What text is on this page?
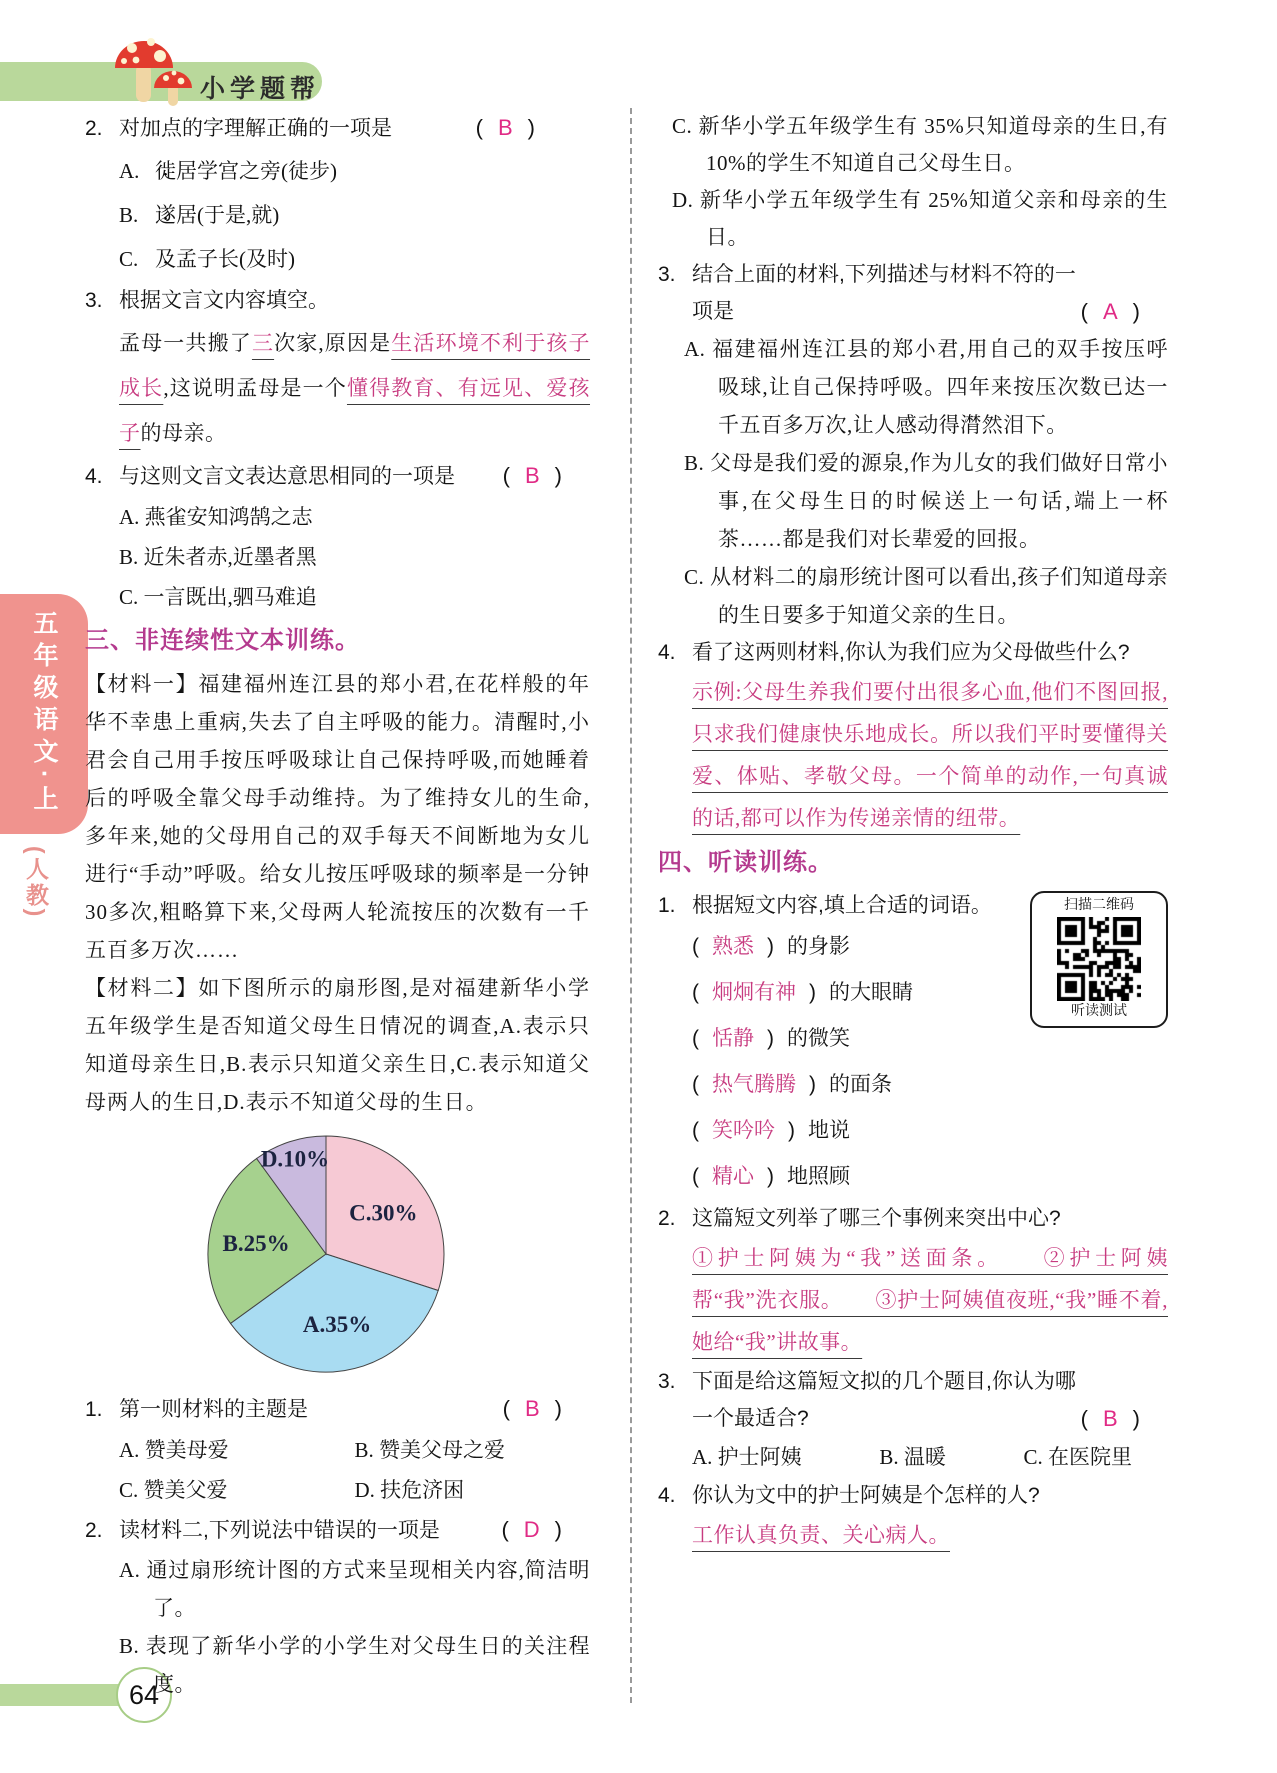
小学题帮
五年级语文·上
(人教)
64
2. 对加点的字理解正确的一项是	( B )
A. 徙 •居学宫之旁(徒步)
B. 遂 •居(于是,就)
C. 及 •孟子长(及时)
3. 根据文言文内容填空。
孟母一共搬了三次家,原因是生活环境不利于孩子成长,这说明孟母是一个懂得教育、有远见、爱孩子的母亲。
4. 与这则文言文表达意思相同的一项是	( B )
A. 燕雀安知鸿鹄之志
B. 近朱者赤,近墨者黑
C. 一言既出,驷马难追
三、非连续性文本训练。

【材料一】福建福州连江县的郑小君,在花样般的年华不幸患上重病,失去了自主呼吸的能力。清醒时,小君会自己用手按压呼吸球让自己保持呼吸,而她睡着后的呼吸全靠父母手动维持。为了维持女儿的生命,多年来,她的父母用自己的双手每天不间断地为女儿进行“手动”呼吸。给女儿按压呼吸球的频率是一分钟30多次,粗略算下来,父母两人轮流按压的次数有一千五百多万次……

【材料二】如下图所示的扇形图,是对福建新华小学五年级学生是否知道父母生日情况的调查,A.表示只知道母亲生日,B.表示只知道父亲生日,C.表示知道父母两人的生日,D.表示不知道父母的生日。

C.30%
A.35%
B.25%
D.10%
1. 第一则材料的主题是	( B )
A. 赞美母爱	B. 赞美父母之爱
C. 赞美父爱	D. 扶危济困
2. 读材料二,下列说法中错误的一项是	( D )
A. 通过扇形统计图的方式来呈现相关内容,简洁明了。
B. 表现了新华小学的小学生对父母生日的关注程度。
C. 新华小学五年级学生有 35%只知道母亲的生日,有 10%的学生不知道自己父母生日。
D. 新华小学五年级学生有 25%知道父亲和母亲的生日。
3. 结合上面的材料,下列描述与材料不符的一
项是	( A )
A. 福建福州连江县的郑小君,用自己的双手按压呼吸球,让自己保持呼吸。四年来按压次数已达一千五百多万次,让人感动得潸然泪下。
B. 父母是我们爱的源泉,作为儿女的我们做好日常小事,在父母生日的时候送上一句话,端上一杯茶……都是我们对长辈爱的回报。
C. 从材料二的扇形统计图可以看出,孩子们知道母亲的生日要多于知道父亲的生日。
4. 看了这两则材料,你认为我们应为父母做些什么?
示例:父母生养我们要付出很多心血,他们不图回报,只求我们健康快乐地成长。所以我们平时要懂得关爱、体贴、孝敬父母。一个简单的动作,一句真诚的话,都可以作为传递亲情的纽带。
四、听读训练。
扫描二维码
听读测试
1. 根据短文内容,填上合适的词语。
( 熟悉 ) 的身影
( 炯炯有神 ) 的大眼睛
( 恬静 ) 的微笑
( 热气腾腾 ) 的面条
( 笑吟吟 ) 地说
( 精心 ) 地照顾
2. 这篇短文列举了哪三个事例来突出中心?
①护士阿姨为“我”送面条。　　②护士阿姨帮“我”洗衣服。　　③护士阿姨值夜班,“我”睡不着,她给“我”讲故事。
3. 下面是给这篇短文拟的几个题目,你认为哪
一个最适合?	( B )
A. 护士阿姨	B. 温暖	C. 在医院里
4. 你认为文中的护士阿姨是个怎样的人?
工作认真负责、关心病人。
